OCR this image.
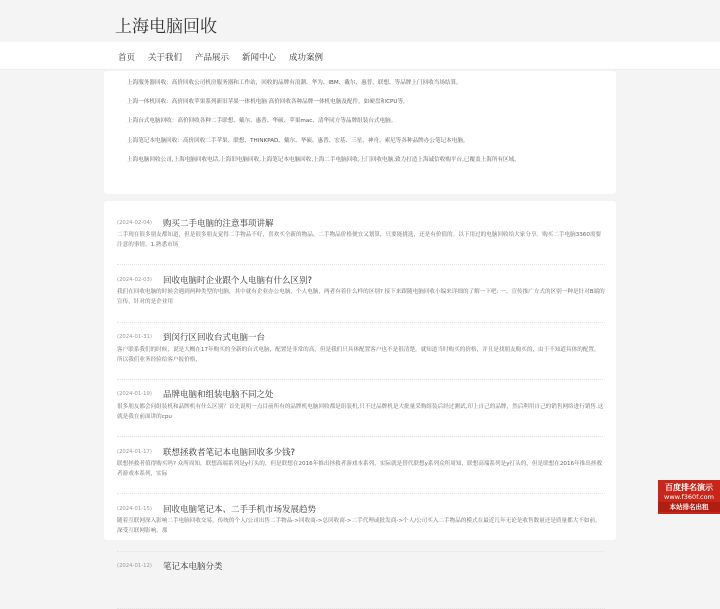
上海电脑回收
首页 关于我们 产品展示 新闻中心 成功案例

上海服务器回收：高价回收公司机房服务器和工作站，回收的品牌有浪潮、华为、IBM、戴尔、惠普、联想、等品牌上门回收当场结算。

上海一体机回收：高价回收苹果系列新旧苹果一体机电脑 高价回收各种品牌一体机电脑及配件，如硬盘和CPU等。

上海台式电脑回收：高价回收各种二手联想、戴尔、惠普、华硕、苹果mac、清华同方等品牌组装台式电脑。

上海笔记本电脑回收：高价回收二手苹果、联想、THINKPAD、戴尔、华硕、惠普、宏基、三星、神舟、索尼等各种品牌办公笔记本电脑。

上海电脑回收公司,上海电脑回收电话,上海旧电脑回收,上海笔记本电脑回收,上海二手电脑回收,上门回收电脑,致力打造上海诚信收购平台,已覆盖上海所有区域。

(2024-02-04) 购买二手电脑的注意事项讲解
二手现在很多朋友都知道，但是很多朋友觉得二手物品不好，喜欢买全新的物品。二手物品价格便宜又划算，只要能挑选，还是有价值的。以下用过的电脑回收给大家分享。购买二手电脑3360需要注意的事情。1.熟悉市场
(2024-02-03) 回收电脑时企业跟个人电脑有什么区别?
我们在回收电脑的时候会遇到两种类型的电脑，其中就有企业办公电脑、个人电脑，两者有着什么样的区别? 接下来跟随电脑回收小编来详细的了解一下吧: 一、宣传推广方式的区别一种是针对B端的宣传，针对的是企业用
(2024-01-31) 到闵行区回收台式电脑一台
客户联系我们的时候，说是大概在17年购买的全新的台式电脑，配置是非常的高，但是我们只具体配置客户也不是很清楚，就知道当时购买的价格，并且是找朋友购买的，由于不知道具体的配置，所以我们业务经验给客户报价格，
(2024-01-19) 品牌电脑和组装电脑不同之处
很多朋友都会问组装机和品牌机有什么区别？首先说明一点目前所有的品牌机电脑回收都是组装机,只不过品牌机是大批量采购组装后经过测试,印上自己的品牌，然后利用自己的销售网络进行销售.这就是我在前面讲的cpu
(2024-01-17) 联想拯救者笔记本电脑回收多少钱?
联想拯救者值得购买吗? 众所周知，联想高端系列是y打头的，但是联想在2016年推出拯救者游戏本系列，实际就是替代联想y系列众所周知，联想高端系列是y打头的，但是联想在2016年推出拯救者游戏本系列，实际
(2024-01-15) 回收电脑笔记本、二手手机市场发展趋势
随着互联网深入影响二手电脑回收交易，传统的个人/公司出售二手物品->回收商->总回收商->二手代理或批发商->个人/公司买入二手物品的模式在最近几年无论是收售数量还是质量都大不如前，深受互联网影响。那
(2024-01-12) 笔记本电脑分类
百度排名演示
www.f360f.com
本站排名出租
